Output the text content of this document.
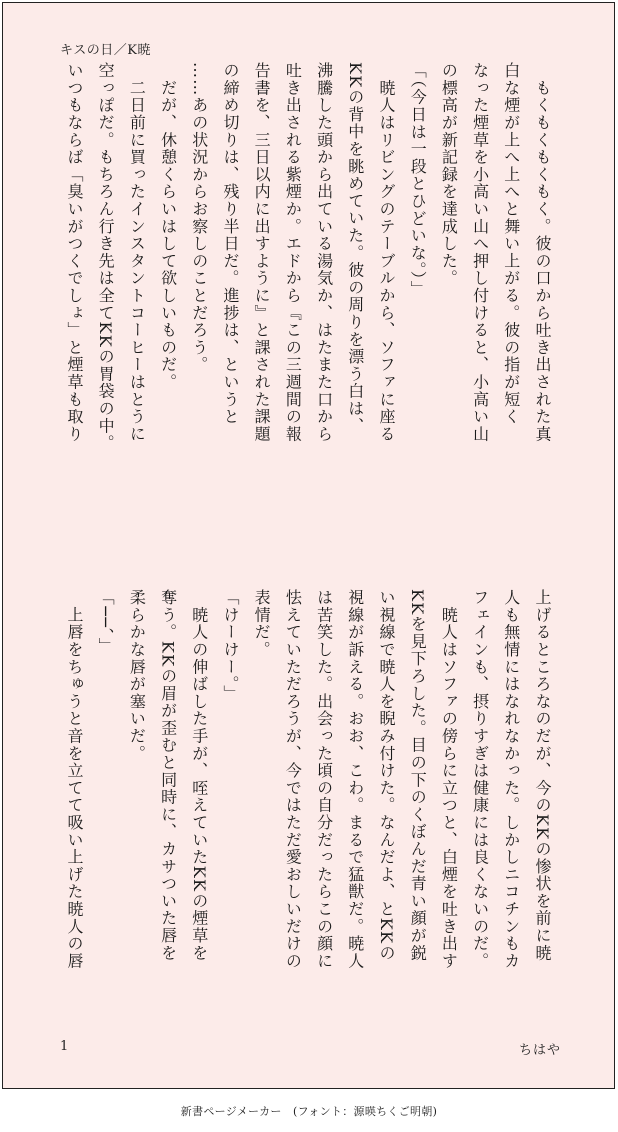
キスの日／K暁
　もくもくもくもく。彼の口から吐き出された真
白な煙が上へ上へと舞い上がる。彼の指が短く
なった煙草を小高い山へ押し付けると、小高い山
の標高が新記録を達成した。
「（今日は一段とひどいな。）」
　暁人はリビングのテーブルから、ソファに座る
KKの背中を眺めていた。彼の周りを漂う白は、
沸騰した頭から出ている湯気か、はたまた口から
吐き出される紫煙か。エドから『この三週間の報
告書を、三日以内に出すように』と課された課題
の締め切りは、残り半日だ。進捗は、というと
……あの状況からお察しのことだろう。
　だが、休憩くらいはして欲しいものだ。
　二日前に買ったインスタントコーヒーはとうに
空っぽだ。もちろん行き先は全てKKの胃袋の中。
いつもならば「臭いがつくでしょ」と煙草も取り
上げるところなのだが、今のKKの惨状を前に暁
人も無情にはなれなかった。しかしニコチンもカ
フェインも、摂りすぎは健康には良くないのだ。
　暁人はソファの傍らに立つと、白煙を吐き出す
KKを見下ろした。目の下のくぼんだ青い顔が鋭
い視線で暁人を睨み付けた。なんだよ、とKKの
視線が訴える。おお、こわ。まるで猛獣だ。暁人
は苦笑した。出会った頃の自分だったらこの顔に
怯えていただろうが、今ではただ愛おしいだけの
表情だ。
「けーけー。」
　暁人の伸ばした手が、咥えていたKKの煙草を
奪う。KKの眉が歪むと同時に、カサついた唇を
柔らかな唇が塞いだ。
「──、」
　上唇をちゅうと音を立てて吸い上げた暁人の唇
1	ちはや
新書ページメーカー　(フォント：源暎ちくご明朝)
